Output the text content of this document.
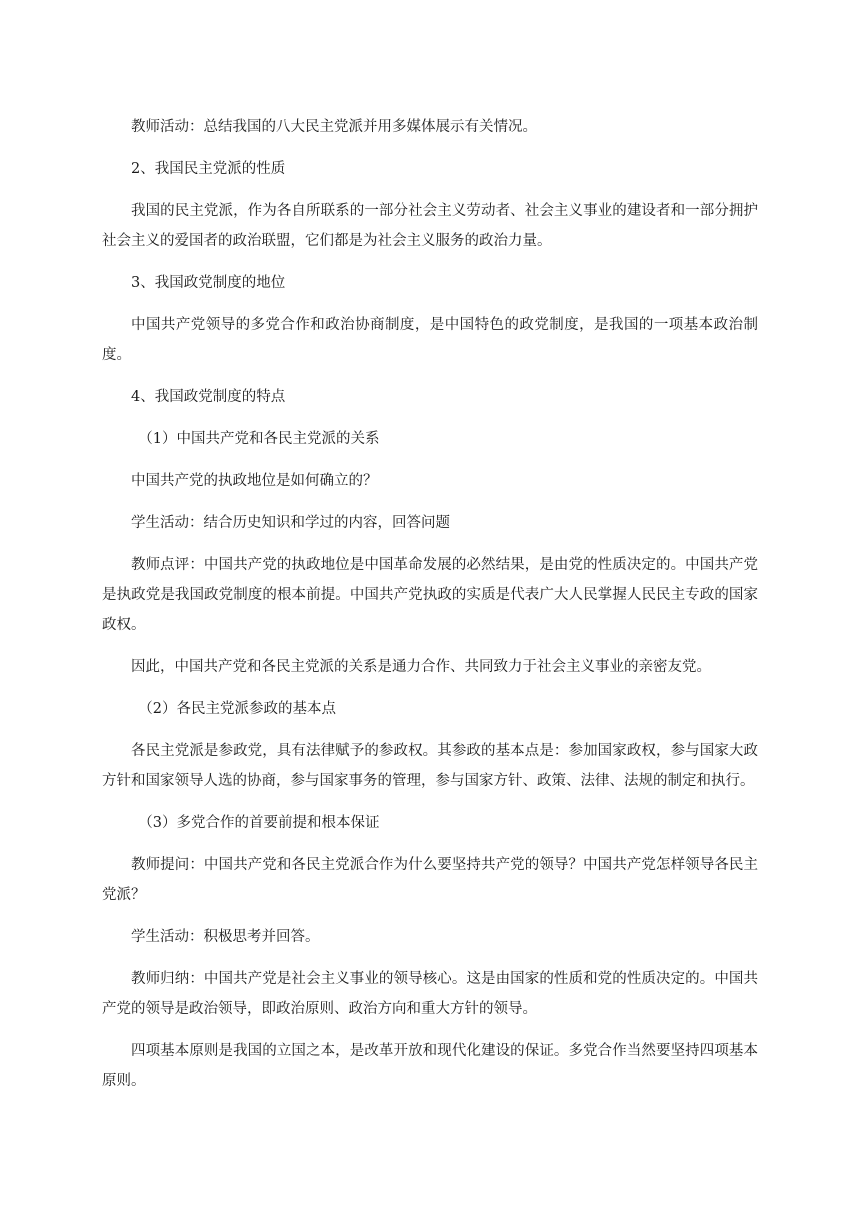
教师活动：总结我国的八大民主党派并用多媒体展示有关情况。

2、我国民主党派的性质

我国的民主党派，作为各自所联系的一部分社会主义劳动者、社会主义事业的建设者和一部分拥护社会主义的爱国者的政治联盟，它们都是为社会主义服务的政治力量。

3、我国政党制度的地位

中国共产党领导的多党合作和政治协商制度，是中国特色的政党制度，是我国的一项基本政治制度。

4、我国政党制度的特点

（1）中国共产党和各民主党派的关系

中国共产党的执政地位是如何确立的？

学生活动：结合历史知识和学过的内容，回答问题

教师点评：中国共产党的执政地位是中国革命发展的必然结果，是由党的性质决定的。中国共产党是执政党是我国政党制度的根本前提。中国共产党执政的实质是代表广大人民掌握人民民主专政的国家政权。

因此，中国共产党和各民主党派的关系是通力合作、共同致力于社会主义事业的亲密友党。

（2）各民主党派参政的基本点

各民主党派是参政党，具有法律赋予的参政权。其参政的基本点是：参加国家政权，参与国家大政方针和国家领导人选的协商，参与国家事务的管理，参与国家方针、政策、法律、法规的制定和执行。

（3）多党合作的首要前提和根本保证

教师提问：中国共产党和各民主党派合作为什么要坚持共产党的领导？中国共产党怎样领导各民主党派？

学生活动：积极思考并回答。

教师归纳：中国共产党是社会主义事业的领导核心。这是由国家的性质和党的性质决定的。中国共产党的领导是政治领导，即政治原则、政治方向和重大方针的领导。

四项基本原则是我国的立国之本，是改革开放和现代化建设的保证。多党合作当然要坚持四项基本原则。
